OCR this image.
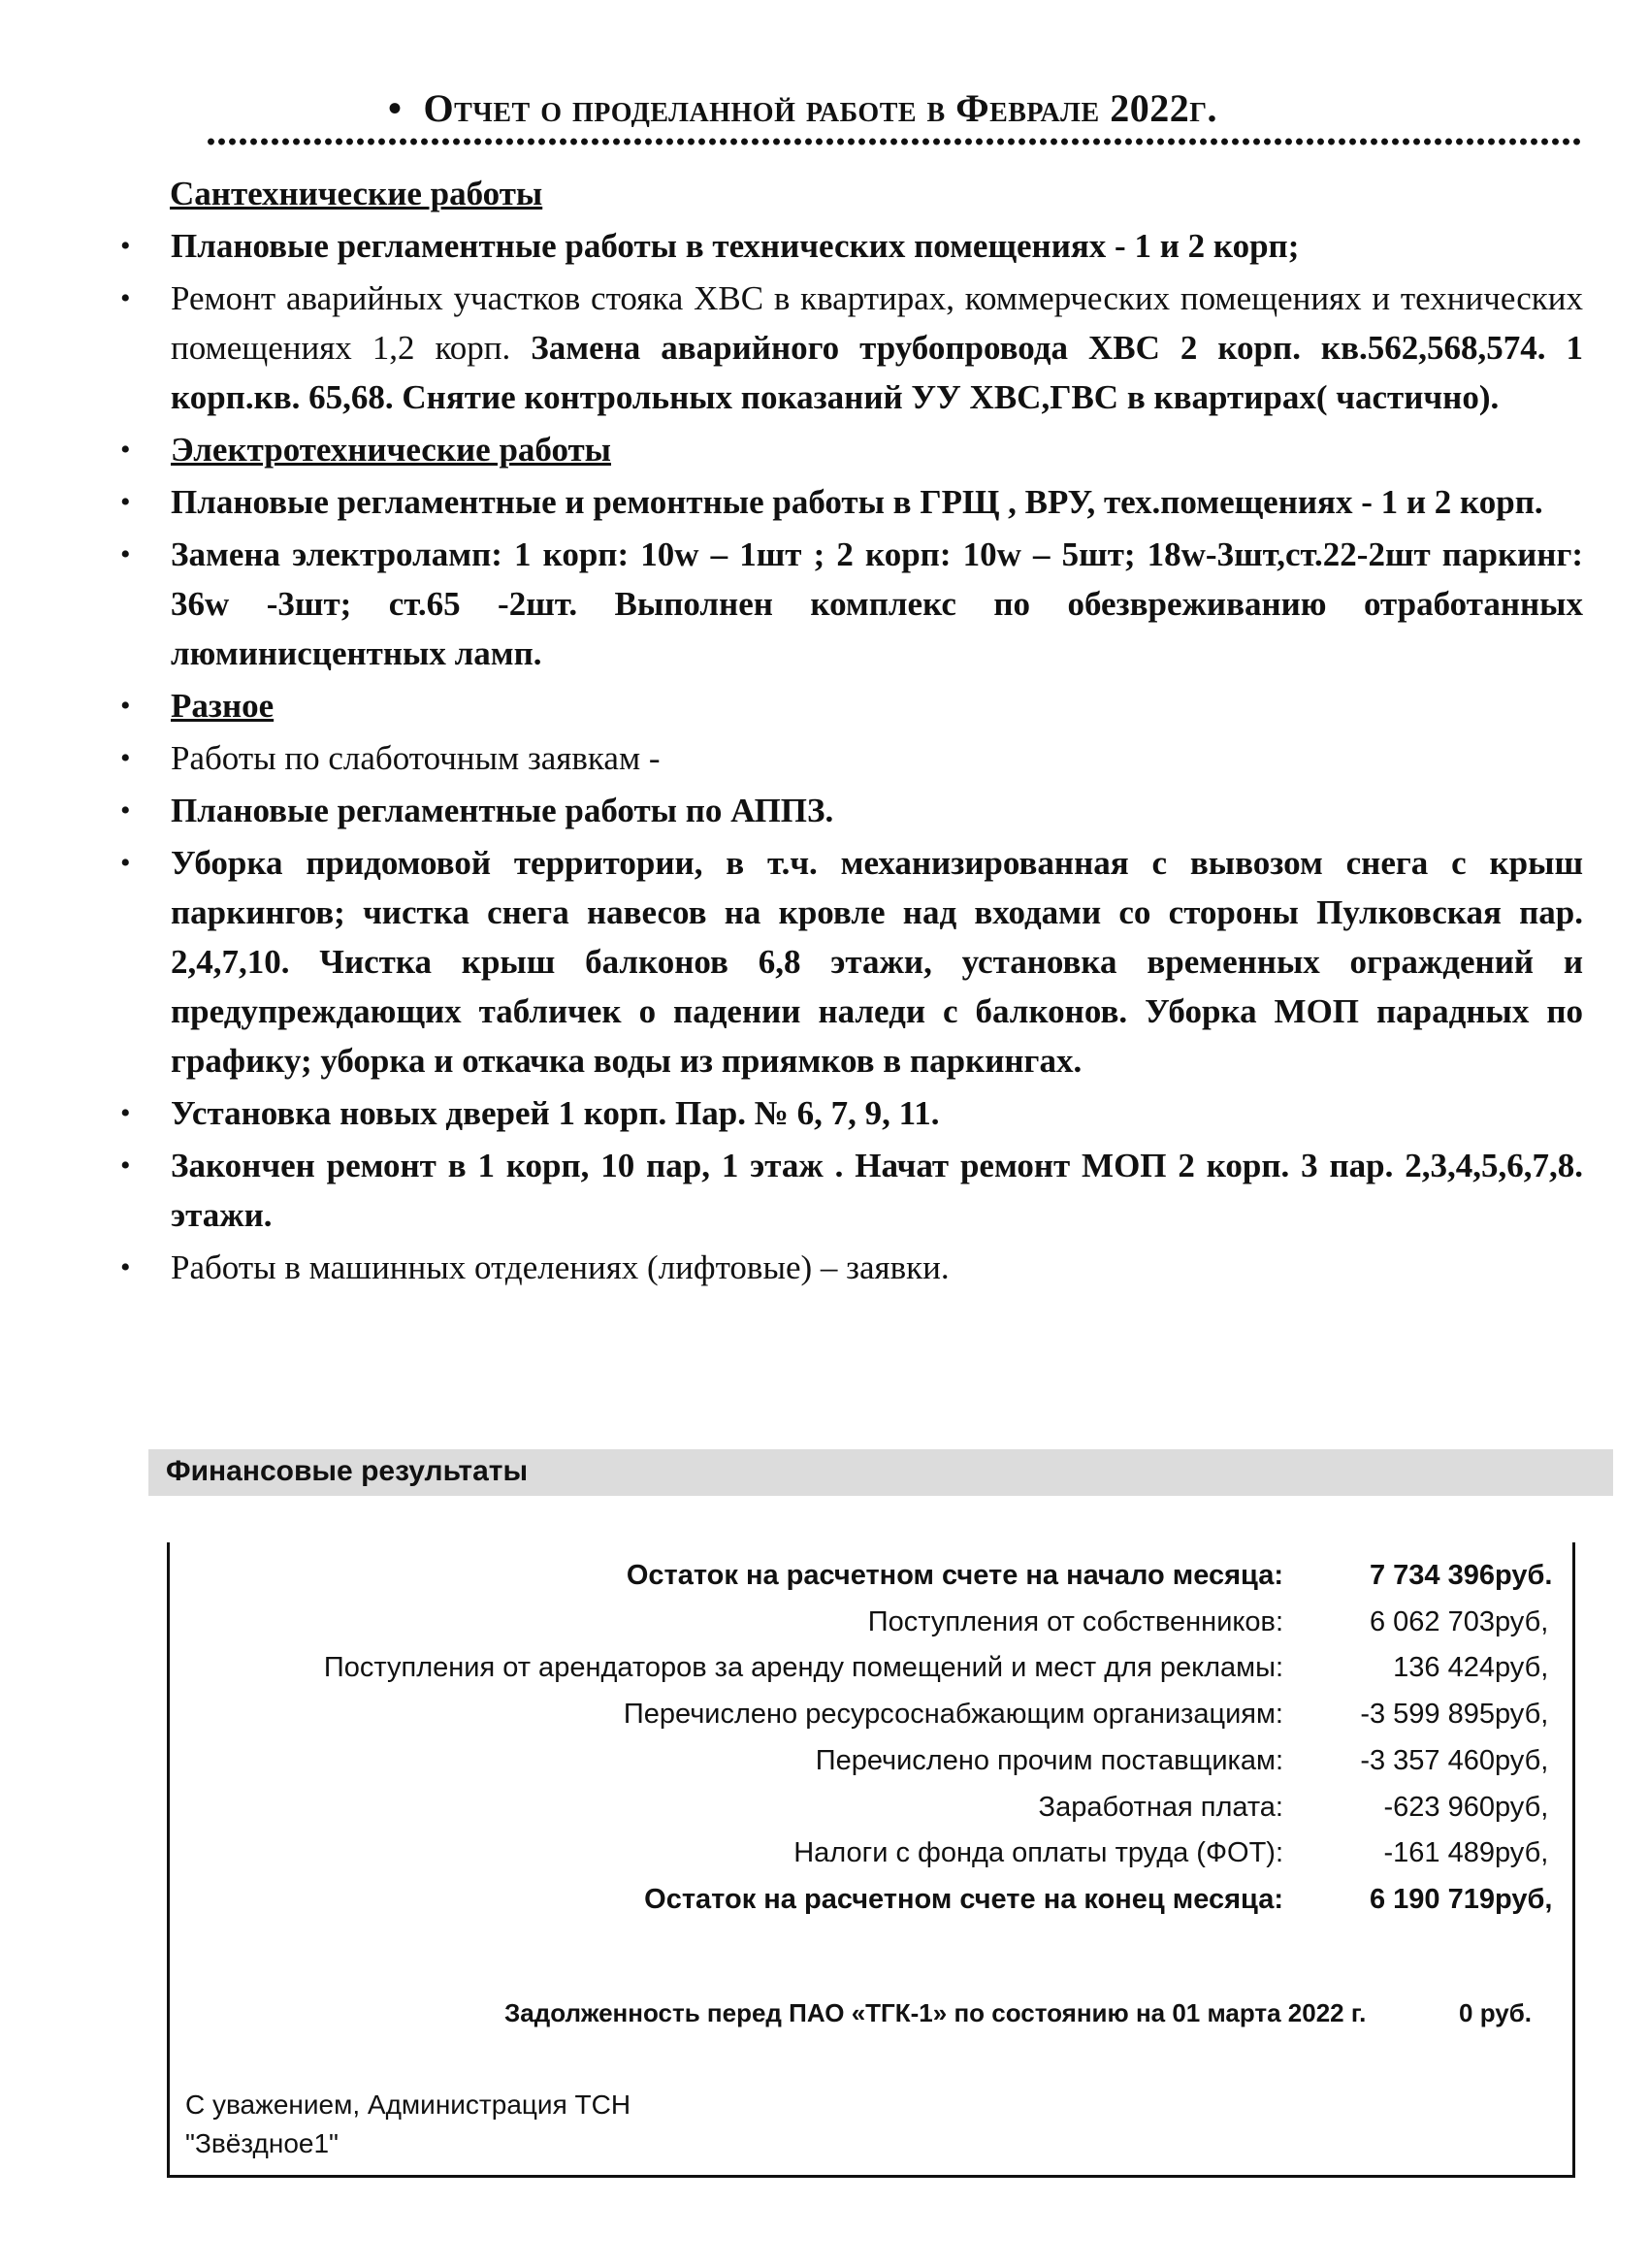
• Отчет о проделанной работе в Феврале 2022г.
Сантехнические работы
• Плановые регламентные работы в технических помещениях - 1 и 2 корп;
• Ремонт аварийных участков стояка ХВС в квартирах, коммерческих помещениях и технических помещениях 1,2 корп. Замена аварийного трубопровода ХВС 2 корп. кв.562,568,574. 1 корп.кв. 65,68. Снятие контрольных показаний УУ ХВС,ГВС в квартирах( частично).
• Электротехнические работы
• Плановые регламентные и ремонтные работы в ГРЩ , ВРУ, тех.помещениях - 1 и 2 корп.
• Замена электроламп: 1 корп: 10w – 1шт ; 2 корп: 10w – 5шт; 18w-3шт,ст.22-2шт паркинг: 36w -3шт; ст.65 -2шт. Выполнен комплекс по обезвреживанию отработанных люминисцентных ламп.
• Разное
• Работы по слаботочным заявкам -
• Плановые регламентные работы по АППЗ.
• Уборка придомовой территории, в т.ч. механизированная с вывозом снега с крыш паркингов; чистка снега навесов на кровле над входами со стороны Пулковская пар. 2,4,7,10. Чистка крыш балконов 6,8 этажи, установка временных ограждений и предупреждающих табличек о падении наледи с балконов. Уборка МОП парадных по графику; уборка и откачка воды из приямков в паркингах.
• Установка новых дверей 1 корп. Пар. № 6, 7, 9, 11.
• Закончен ремонт в 1 корп, 10 пар, 1 этаж . Начат ремонт МОП 2 корп. 3 пар. 2,3,4,5,6,7,8. этажи.
• Работы в машинных отделениях (лифтовые) – заявки.
Финансовые результаты
Задолженность перед ПАО «ТГК-1» по состоянию на 01 марта 2022 г.	0 руб.
С уважением, Администрация ТСН
"Звёздное1"
Остаток на расчетном счете на начало месяца:	7 734 396 руб.
Поступления от собственников:	6 062 703 руб,
Поступления от арендаторов за аренду помещений и мест для рекламы:	136 424 руб,
Перечислено ресурсоснабжающим организациям:	-3 599 895 руб,
Перечислено прочим поставщикам:	-3 357 460 руб,
Заработная плата:	-623 960 руб,
Налоги с фонда оплаты труда (ФОТ):	-161 489 руб,
Остаток на расчетном счете на конец месяца:	6 190 719 руб,
